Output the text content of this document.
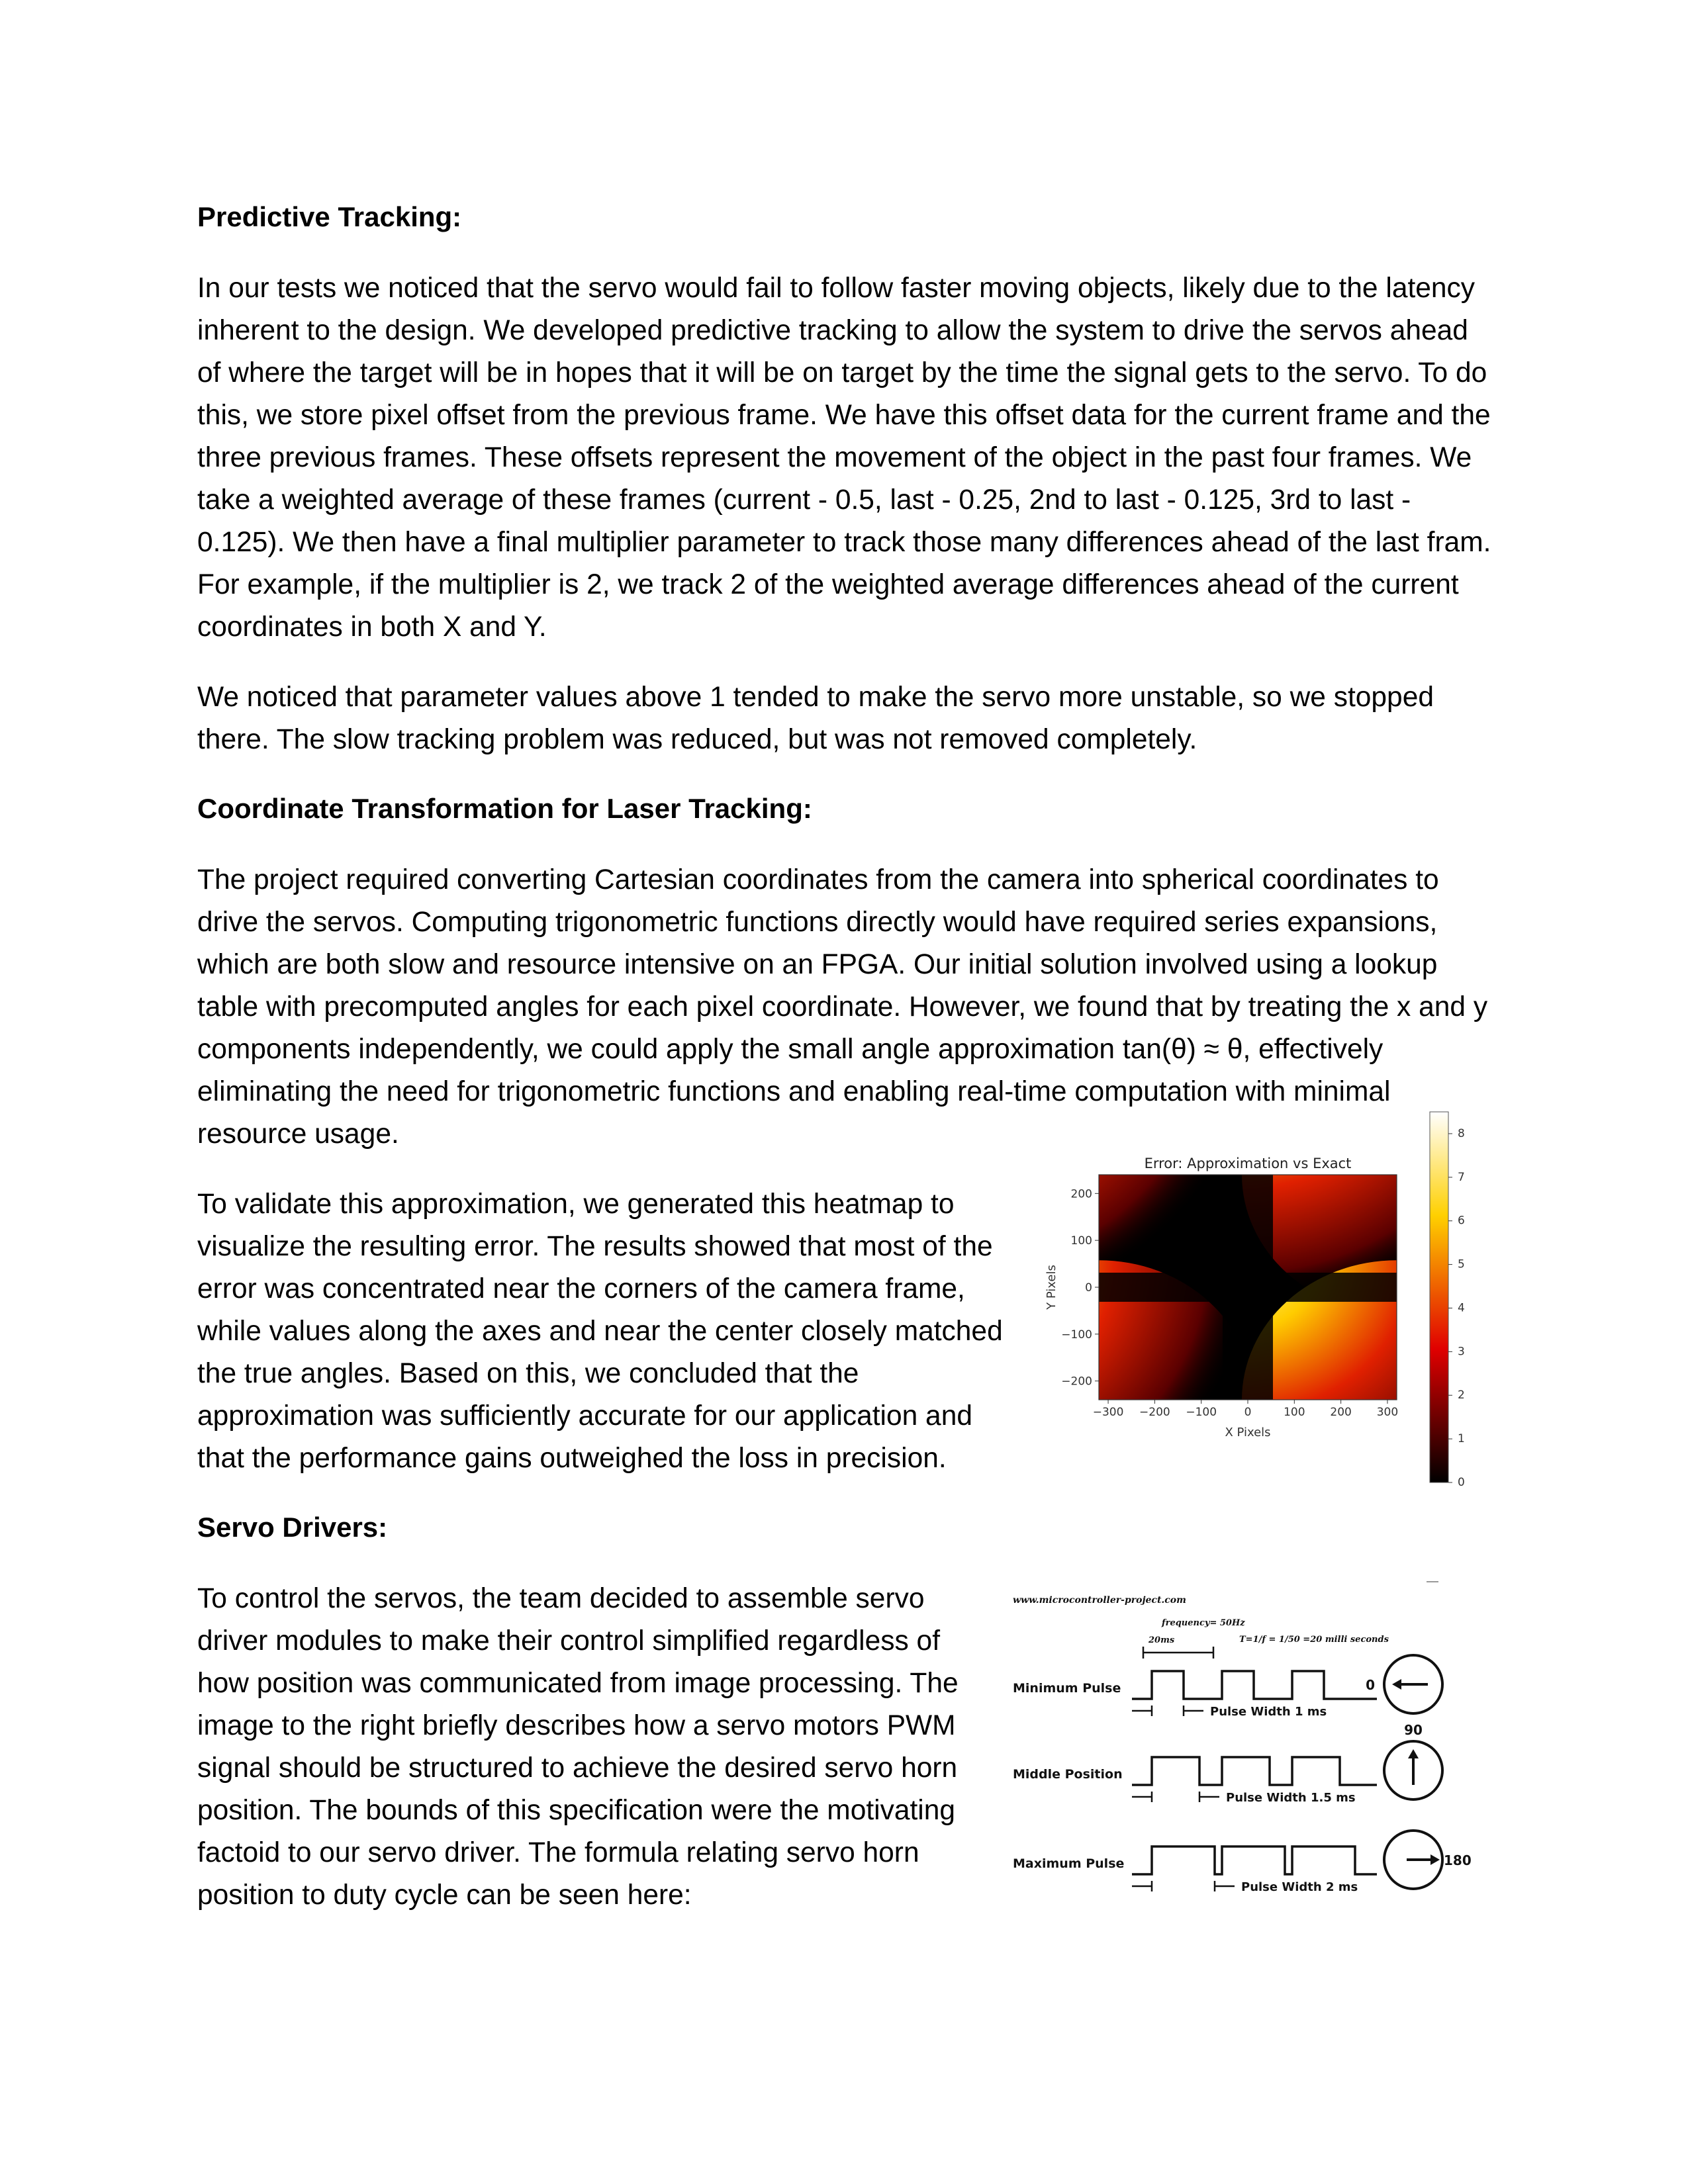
Predictive Tracking:

In our tests we noticed that the servo would fail to follow faster moving objects, likely due to the latency inherent to the design. We developed predictive tracking to allow the system to drive the servos ahead of where the target will be in hopes that it will be on target by the time the signal gets to the servo. To do this, we store pixel offset from the previous frame. We have this offset data for the current frame and the three previous frames. These offsets represent the movement of the object in the past four frames. We take a weighted average of these frames (current - 0.5, last - 0.25, 2nd to last - 0.125, 3rd to last - 0.125). We then have a final multiplier parameter to track those many differences ahead of the last fram. For example, if the multiplier is 2, we track 2 of the weighted average differences ahead of the current coordinates in both X and Y.

We noticed that parameter values above 1 tended to make the servo more unstable, so we stopped there. The slow tracking problem was reduced, but was not removed completely.

Coordinate Transformation for Laser Tracking:

The project required converting Cartesian coordinates from the camera into spherical coordinates to drive the servos. Computing trigonometric functions directly would have required series expansions, which are both slow and resource intensive on an FPGA. Our initial solution involved using a lookup table with precomputed angles for each pixel coordinate. However, we found that by treating the x and y components independently, we could apply the small angle approximation tan(θ) ≈ θ, effectively eliminating the need for trigonometric functions and enabling real-time computation with minimal resource usage.

To validate this approximation, we generated this heatmap to visualize the resulting error. The results showed that most of the error was concentrated near the corners of the camera frame, while values along the axes and near the center closely matched the true angles. Based on this, we concluded that the approximation was sufficiently accurate for our application and that the performance gains outweighed the loss in precision.

Error: Approximation vs Exact
−300 −200 −100 0	100 200 300
200
100
0
−100
−200
X Pixels
Y Pixels
0
1
2
3
4
5
6
7
8
Servo Drivers:

To control the servos, the team decided to assemble servo driver modules to make their control simplified regardless of how position was communicated from image processing. The image to the right briefly describes how a servo motors PWM signal should be structured to achieve the desired servo horn position. The bounds of this specification were the motivating factoid to our servo driver. The formula relating servo horn position to duty cycle can be seen here:

www.microcontroller-project.com
frequency= 50Hz
T=1/f = 1/50 =20 milli seconds
20ms
Minimum Pulse
Pulse Width 1 ms
0
Middle Position
Pulse Width 1.5 ms
90
Maximum Pulse
Pulse Width 2 ms
180
